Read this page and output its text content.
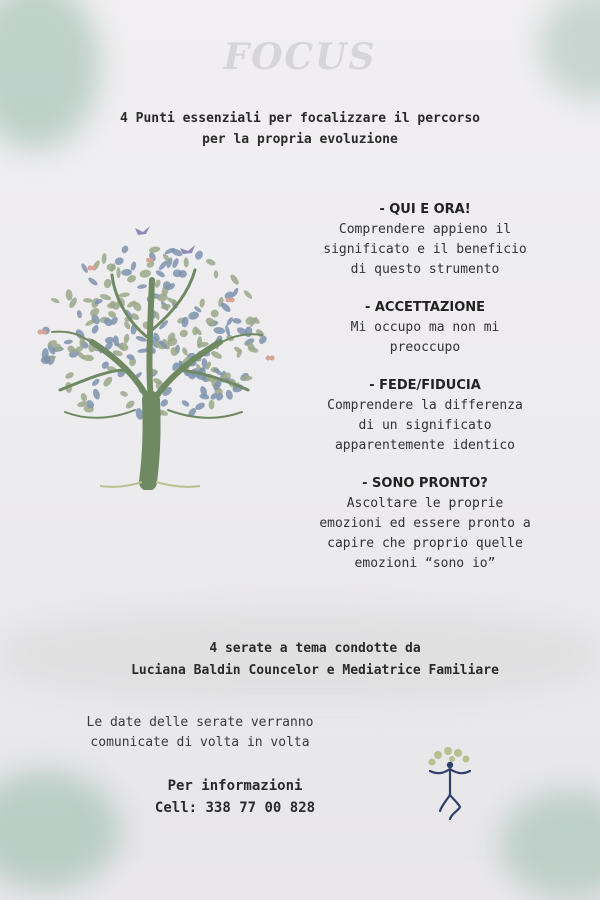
FOCUS
4 Punti essenziali per focalizzare il percorso
per la propria evoluzione
- QUI E ORA!
Comprendere appieno il
significato e il beneficio
di questo strumento
- ACCETTAZIONE
Mi occupo ma non mi
preoccupo
- FEDE/FIDUCIA
Comprendere la differenza
di un significato
apparentemente identico
- SONO PRONTO?
Ascoltare le proprie
emozioni ed essere pronto a
capire che proprio quelle
emozioni “sono io”
4 serate a tema condotte da
Luciana Baldin Councelor e Mediatrice Familiare
Le date delle serate verranno
comunicate di volta in volta
Per informazioni
Cell: 338 77 00 828
